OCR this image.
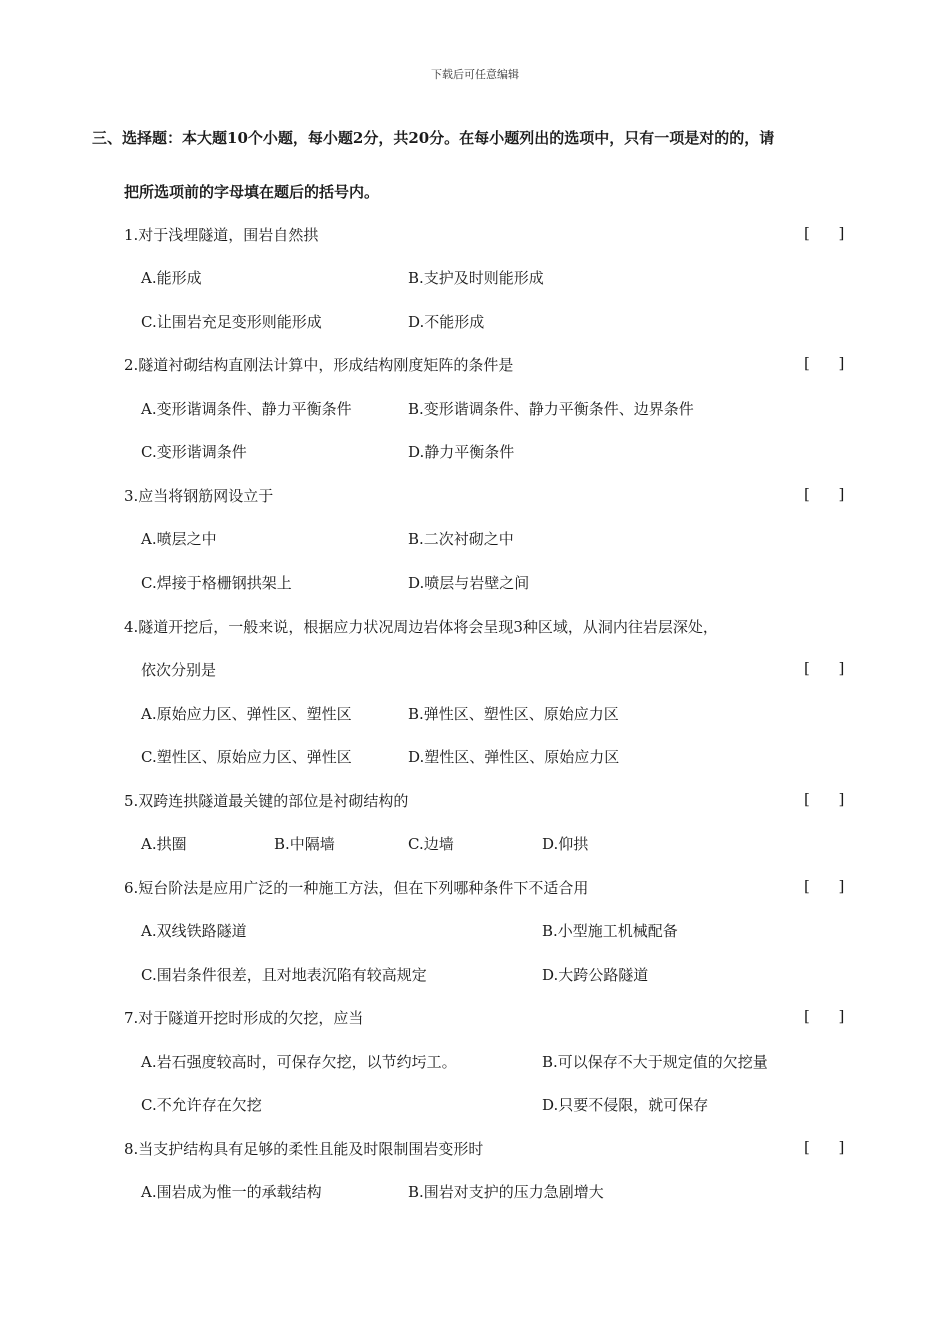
下载后可任意编辑
三、选择题：本大题10个小题，每小题2分，共20分。在每小题列出的选项中，只有一项是对的的，请
把所选项前的字母填在题后的括号内。
1.对于浅埋隧道，围岩自然拱	[      ]
A.能形成	B.支护及时则能形成
C.让围岩充足变形则能形成	D.不能形成
2.隧道衬砌结构直刚法计算中，形成结构刚度矩阵的条件是	[      ]
A.变形谐调条件、静力平衡条件	B.变形谐调条件、静力平衡条件、边界条件
C.变形谐调条件	D.静力平衡条件
3.应当将钢筋网设立于	[      ]
A.喷层之中	B.二次衬砌之中
C.焊接于格栅钢拱架上	D.喷层与岩壁之间
4.隧道开挖后，一般来说，根据应力状况周边岩体将会呈现3种区域，从洞内往岩层深处，
依次分别是	[      ]
A.原始应力区、弹性区、塑性区	B.弹性区、塑性区、原始应力区
C.塑性区、原始应力区、弹性区	D.塑性区、弹性区、原始应力区
5.双跨连拱隧道最关键的部位是衬砌结构的	[      ]
A.拱圈	B.中隔墙	C.边墙	D.仰拱
6.短台阶法是应用广泛的一种施工方法，但在下列哪种条件下不适合用	[      ]
A.双线铁路隧道	B.小型施工机械配备
C.围岩条件很差，且对地表沉陷有较高规定	D.大跨公路隧道
7.对于隧道开挖时形成的欠挖，应当	[      ]
A.岩石强度较高时，可保存欠挖，以节约圬工。	B.可以保存不大于规定值的欠挖量
C.不允许存在欠挖	D.只要不侵限，就可保存
8.当支护结构具有足够的柔性且能及时限制围岩变形时	[      ]
A.围岩成为惟一的承载结构	B.围岩对支护的压力急剧增大
